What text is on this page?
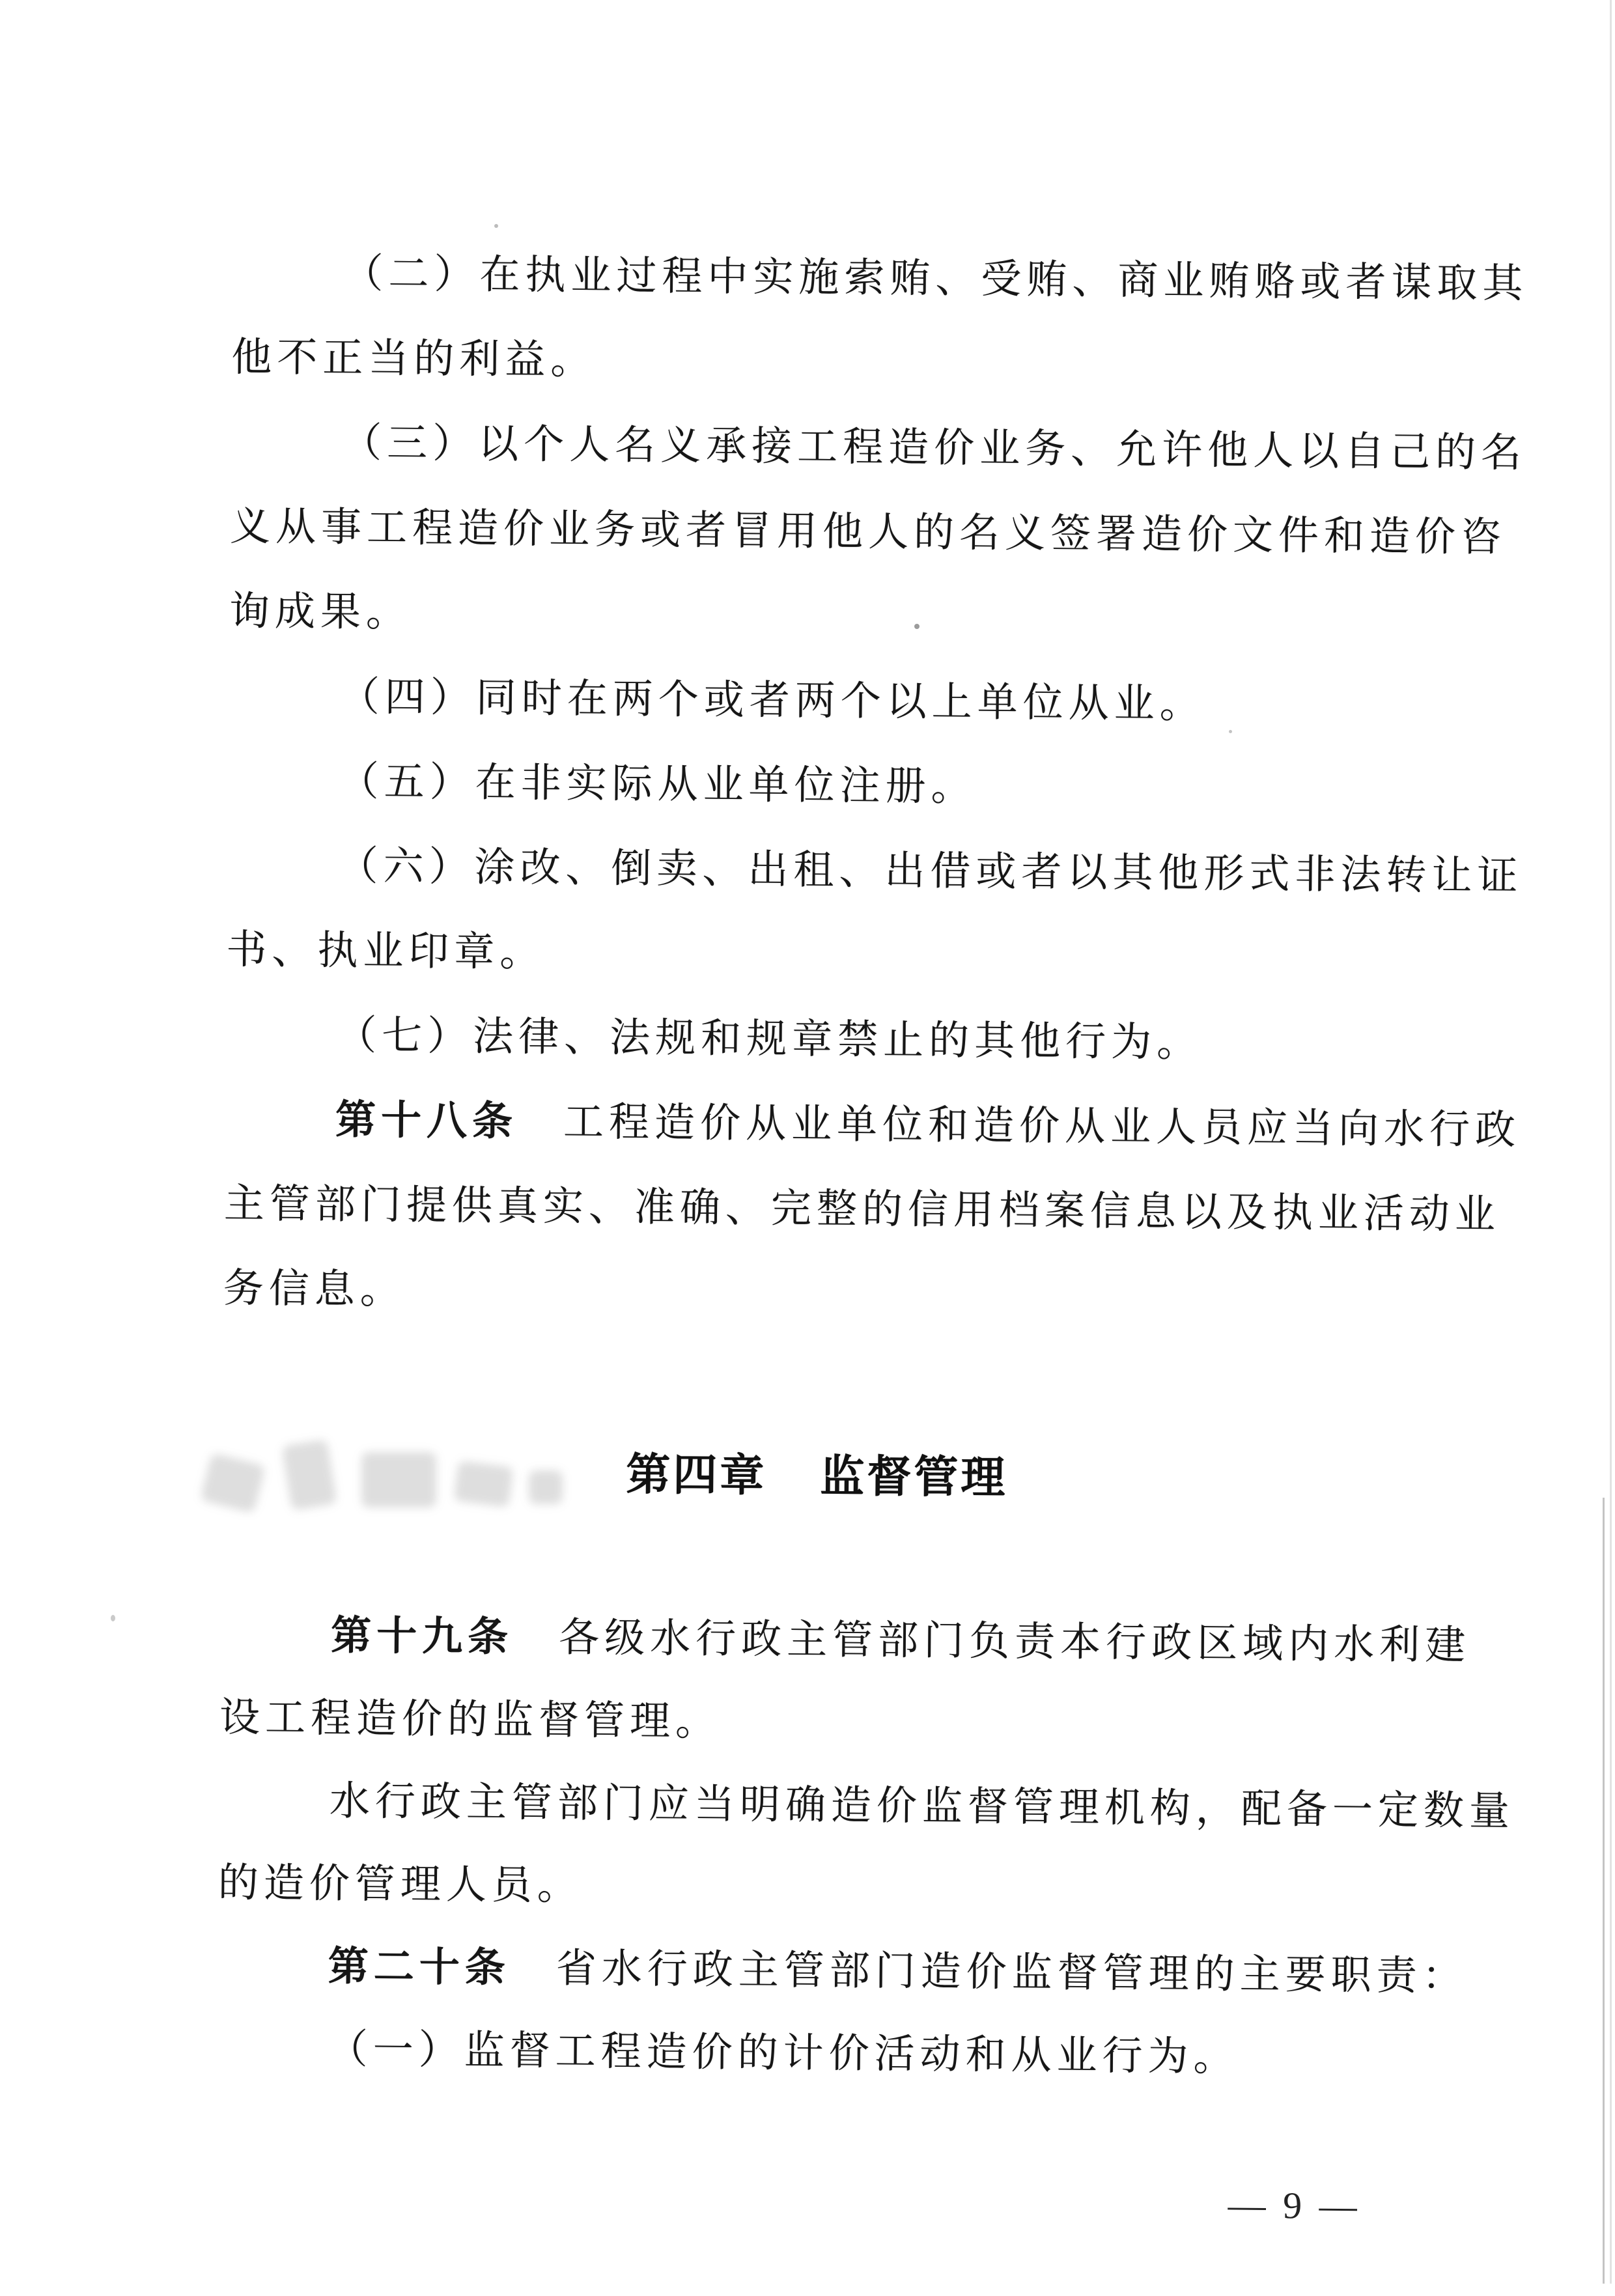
（二）在执业过程中实施索贿、受贿、商业贿赂或者谋取其
他不正当的利益。
（三）以个人名义承接工程造价业务、允许他人以自己的名
义从事工程造价业务或者冒用他人的名义签署造价文件和造价咨
询成果。
（四）同时在两个或者两个以上单位从业。
（五）在非实际从业单位注册。
（六）涂改、倒卖、出租、出借或者以其他形式非法转让证
书、执业印章。
（七）法律、法规和规章禁止的其他行为。
第十八条　工程造价从业单位和造价从业人员应当向水行政
主管部门提供真实、准确、完整的信用档案信息以及执业活动业
务信息。
第四章 监督管理
第十九条　各级水行政主管部门负责本行政区域内水利建
设工程造价的监督管理。
水行政主管部门应当明确造价监督管理机构，配备一定数量
的造价管理人员。
第二十条　省水行政主管部门造价监督管理的主要职责：
（一）监督工程造价的计价活动和从业行为。
— 9 —
